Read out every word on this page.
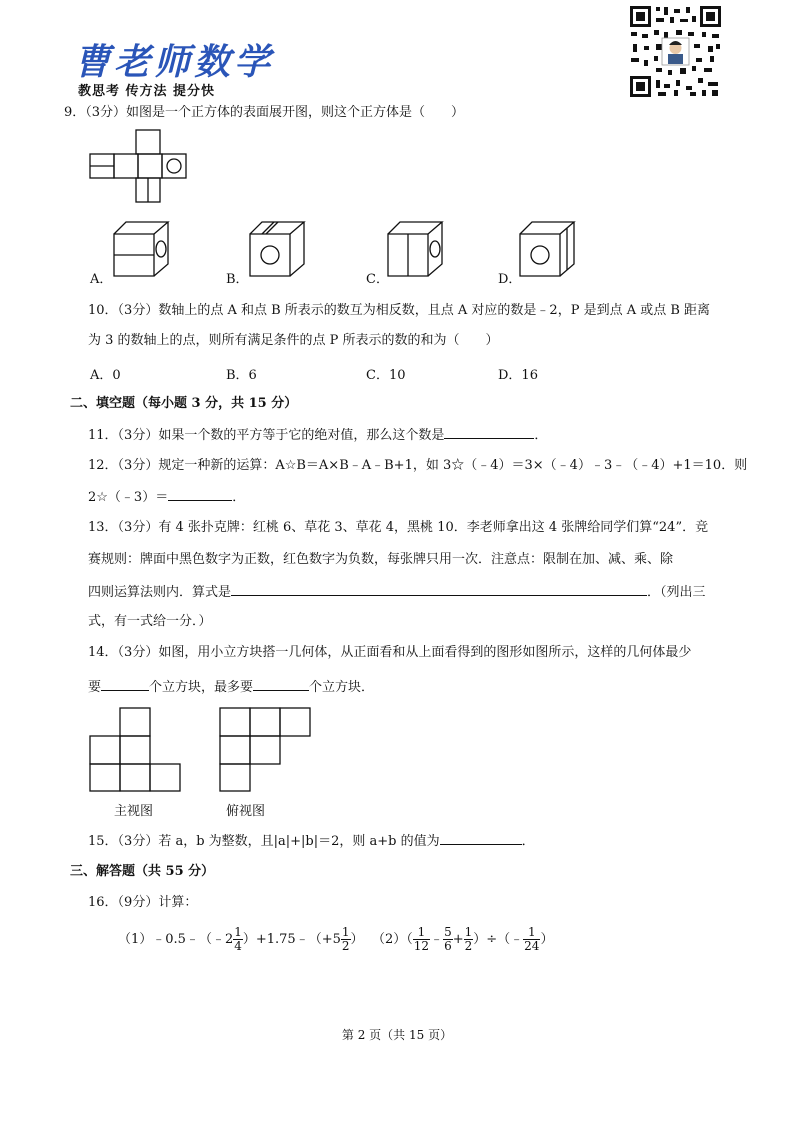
曹老师数学
教思考 传方法 提分快
9．（3分）如图是一个正方体的表面展开图，则这个正方体是（　　）
A．	B．	C．	D．
10．（3分）数轴上的点 A 和点 B 所表示的数互为相反数，且点 A 对应的数是﹣2，P 是到点 A 或点 B 距离
为 3 的数轴上的点，则所有满足条件的点 P 所表示的数的和为（　　）
A．0	B．6	C．10	D．16
二、填空题（每小题 3 分，共 15 分）
11．（3分）如果一个数的平方等于它的绝对值，那么这个数是	．
12．（3分）规定一种新的运算：A☆B＝A×B﹣A﹣B+1，如 3☆（﹣4）＝3×（﹣4）﹣3﹣（﹣4）+1＝10．则
2☆（﹣3）＝	．
13．（3分）有 4 张扑克牌：红桃 6、草花 3、草花 4，黑桃 10．李老师拿出这 4 张牌给同学们算“24”．竞
赛规则：牌面中黑色数字为正数，红色数字为负数，每张牌只用一次．注意点：限制在加、减、乘、除
四则运算法则内．算式是	．（列出三
式，有一式给一分．）
14．（3分）如图，用小立方块搭一几何体，从正面看和从上面看得到的图形如图所示，这样的几何体最少
要	个立方块，最多要	个立方块．
主视图	俯视图
15．（3分）若 a，b 为整数，且|a|+|b|＝2，则 a+b 的值为	．
三、解答题（共 55 分）
16．（9分）计算：
（1）﹣0.5﹣（﹣2 $\frac{1}{4}$ ）+1.75﹣（+5 $\frac{1}{2}$ ） $(2)( \frac{1}{12}$ ﹣ $\frac{5}{6} + \frac{1}{2}$ ）÷（﹣ $\frac{1}{24}$ ）
第 2 页（共 15 页）
